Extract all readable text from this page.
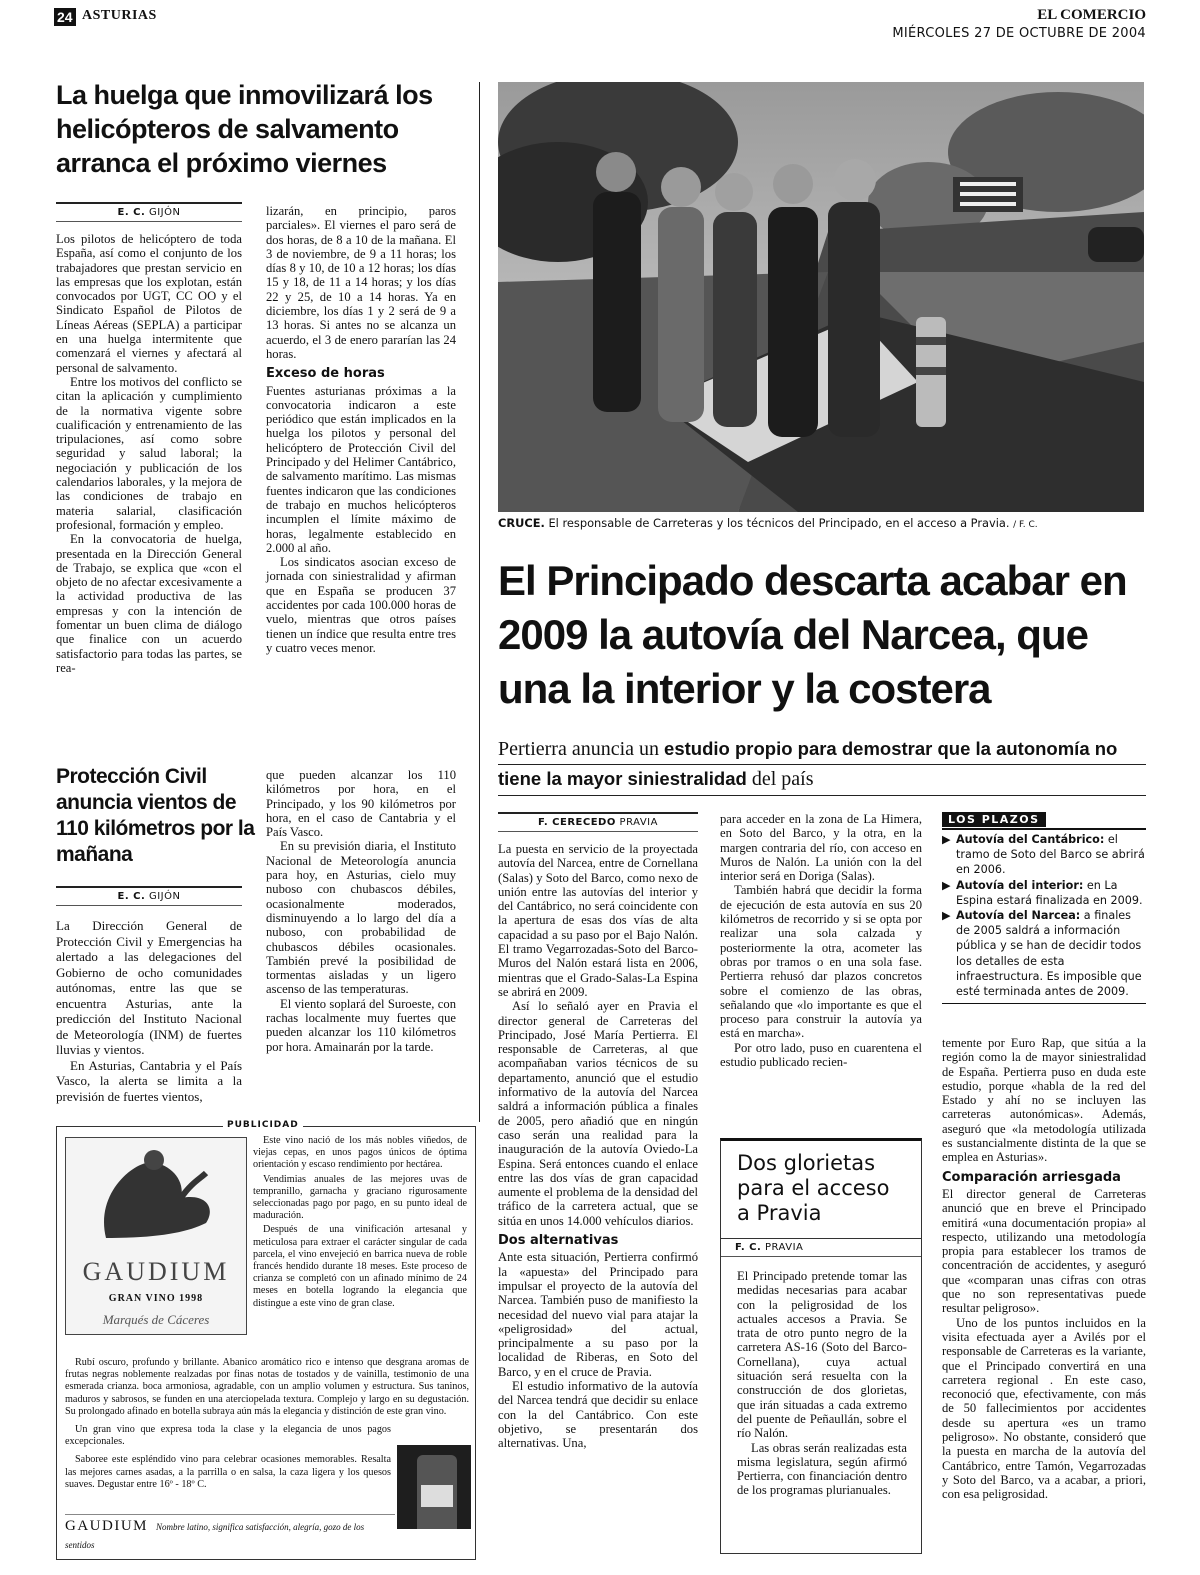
24 ASTURIAS	EL COMERCIO
MIÉRCOLES 27 DE OCTUBRE DE 2004
La huelga que inmovilizará los helicópteros de salvamento arranca el próximo viernes
E. C. GIJÓN

Los pilotos de helicóptero de toda España, así como el conjunto de los trabajadores que prestan servicio en las empresas que los explotan, están convocados por UGT, CC OO y el Sindicato Español de Pilotos de Líneas Aéreas (SEPLA) a participar en una huelga intermitente que comenzará el viernes y afectará al personal de salvamento.

Entre los motivos del conflicto se citan la aplicación y cumplimiento de la normativa vigente sobre cualificación y entrenamiento de las tripulaciones, así como sobre seguridad y salud laboral; la negociación y publicación de los calendarios laborales, y la mejora de las condiciones de trabajo en materia salarial, clasificación profesional, formación y empleo.

En la convocatoria de huelga, presentada en la Dirección General de Trabajo, se explica que «con el objeto de no afectar excesivamente a la actividad productiva de las empresas y con la intención de fomentar un buen clima de diálogo que finalice con un acuerdo satisfactorio para todas las partes, se rea-

lizarán, en principio, paros parciales». El viernes el paro será de dos horas, de 8 a 10 de la mañana. El 3 de noviembre, de 9 a 11 horas; los días 8 y 10, de 10 a 12 horas; los días 15 y 18, de 11 a 14 horas; y los días 22 y 25, de 10 a 14 horas. Ya en diciembre, los días 1 y 2 será de 9 a 13 horas. Si antes no se alcanza un acuerdo, el 3 de enero pararían las 24 horas.

Exceso de horas

Fuentes asturianas próximas a la convocatoria indicaron a este periódico que están implicados en la huelga los pilotos y personal del helicóptero de Protección Civil del Principado y del Helimer Cantábrico, de salvamento marítimo. Las mismas fuentes indicaron que las condiciones de trabajo en muchos helicópteros incumplen el límite máximo de horas, legalmente establecido en 2.000 al año.

Los sindicatos asocian exceso de jornada con siniestralidad y afirman que en España se producen 37 accidentes por cada 100.000 horas de vuelo, mientras que otros países tienen un índice que resulta entre tres y cuatro veces menor.

Protección Civil anuncia vientos de 110 kilómetros por la mañana
E. C. GIJÓN

La Dirección General de Protección Civil y Emergencias ha alertado a las delegaciones del Gobierno de ocho comunidades autónomas, entre las que se encuentra Asturias, ante la predicción del Instituto Nacional de Meteorología (INM) de fuertes lluvias y vientos.

En Asturias, Cantabria y el País Vasco, la alerta se limita a la previsión de fuertes vientos,

que pueden alcanzar los 110 kilómetros por hora, en el Principado, y los 90 kilómetros por hora, en el caso de Cantabria y el País Vasco.

En su previsión diaria, el Instituto Nacional de Meteorología anuncia para hoy, en Asturias, cielo muy nuboso con chubascos débiles, ocasionalmente moderados, disminuyendo a lo largo del día a nuboso, con probabilidad de chubascos débiles ocasionales. También prevé la posibilidad de tormentas aisladas y un ligero ascenso de las temperaturas.

El viento soplará del Suroeste, con rachas localmente muy fuertes que pueden alcanzar los 110 kilómetros por hora. Amainarán por la tarde.

CRUCE. El responsable de Carreteras y los técnicos del Principado, en el acceso a Pravia. / F. C.
El Principado descarta acabar en 2009 la autovía del Narcea, que una la interior y la costera
Pertierra anuncia un estudio propio para demostrar que la autonomía no tiene la mayor siniestralidad del país
F. CERECEDO PRAVIA

La puesta en servicio de la proyectada autovía del Narcea, entre de Cornellana (Salas) y Soto del Barco, como nexo de unión entre las autovías del interior y del Cantábrico, no será coincidente con la apertura de esas dos vías de alta capacidad a su paso por el Bajo Nalón. El tramo Vegarrozadas-Soto del Barco-Muros del Nalón estará lista en 2006, mientras que el Grado-Salas-La Espina se abrirá en 2009.

Así lo señaló ayer en Pravia el director general de Carreteras del Principado, José María Pertierra. El responsable de Carreteras, al que acompañaban varios técnicos de su departamento, anunció que el estudio informativo de la autovía del Narcea saldrá a información pública a finales de 2005, pero añadió que en ningún caso serán una realidad para la inauguración de la autovía Oviedo-La Espina. Será entonces cuando el enlace entre las dos vías de gran capacidad aumente el problema de la densidad del tráfico de la carretera actual, que se sitúa en unos 14.000 vehículos diarios.

Dos alternativas

Ante esta situación, Pertierra confirmó la «apuesta» del Principado para impulsar el proyecto de la autovía del Narcea. También puso de manifiesto la necesidad del nuevo vial para atajar la «peligrosidad» del actual, principalmente a su paso por la localidad de Riberas, en Soto del Barco, y en el cruce de Pravia.

El estudio informativo de la autovía del Narcea tendrá que decidir su enlace con la del Cantábrico. Con este objetivo, se presentarán dos alternativas. Una,

para acceder en la zona de La Himera, en Soto del Barco, y la otra, en la margen contraria del río, con acceso en Muros de Nalón. La unión con la del interior será en Doriga (Salas).

También habrá que decidir la forma de ejecución de esta autovía en sus 20 kilómetros de recorrido y si se opta por realizar una sola calzada y posteriormente la otra, acometer las obras por tramos o en una sola fase. Pertierra rehusó dar plazos concretos sobre el comienzo de las obras, señalando que «lo importante es que el proceso para construir la autovía ya está en marcha».

Por otro lado, puso en cuarentena el estudio publicado recien-

LOS PLAZOS
▶ Autovía del Cantábrico: el tramo de Soto del Barco se abrirá en 2006.
▶ Autovía del interior: en La Espina estará finalizada en 2009.
▶ Autovía del Narcea: a finales de 2005 saldrá a información pública y se han de decidir todos los detalles de esta infraestructura. Es imposible que esté terminada antes de 2009.

temente por Euro Rap, que sitúa a la región como la de mayor siniestralidad de España. Pertierra puso en duda este estudio, porque «habla de la red del Estado y ahí no se incluyen las carreteras autonómicas». Además, aseguró que «la metodología utilizada es sustancialmente distinta de la que se emplea en Asturias».

Comparación arriesgada

El director general de Carreteras anunció que en breve el Principado emitirá «una documentación propia» al respecto, utilizando una metodología propia para establecer los tramos de concentración de accidentes, y aseguró que «comparan unas cifras con otras que no son representativas puede resultar peligroso».

Uno de los puntos incluidos en la visita efectuada ayer a Avilés por el responsable de Carreteras es la variante, que el Principado convertirá en una carretera regional . En este caso, reconoció que, efectivamente, con más de 50 fallecimientos por accidentes desde su apertura «es un tramo peligroso». No obstante, consideró que la puesta en marcha de la autovía del Cantábrico, entre Tamón, Vegarrozadas y Soto del Barco, va a acabar, a priori, con esa peligrosidad.

Dos glorietas para el acceso a Pravia
F. C. PRAVIA

El Principado pretende tomar las medidas necesarias para acabar con la peligrosidad de los actuales accesos a Pravia. Se trata de otro punto negro de la carretera AS-16 (Soto del Barco-Cornellana), cuya actual situación será resuelta con la construcción de dos glorietas, que irán situadas a cada extremo del puente de Peñaullán, sobre el río Nalón.

Las obras serán realizadas esta misma legislatura, según afirmó Pertierra, con financiación dentro de los programas plurianuales.

PUBLICIDAD
GAUDIUM
GRAN VINO 1998
Marqués de Cáceres

Este vino nació de los más nobles viñedos, de viejas cepas, en unos pagos únicos de óptima orientación y escaso rendimiento por hectárea.

Vendimias anuales de las mejores uvas de tempranillo, garnacha y graciano rigurosamente seleccionadas pago por pago, en su punto ideal de maduración.

Después de una vinificación artesanal y meticulosa para extraer el carácter singular de cada parcela, el vino envejeció en barrica nueva de roble francés hendido durante 18 meses. Este proceso de crianza se completó con un afinado mínimo de 24 meses en botella logrando la elegancia que distingue a este vino de gran clase.

Rubí oscuro, profundo y brillante. Abanico aromático rico e intenso que desgrana aromas de frutas negras noblemente realzadas por finas notas de tostados y de vainilla, testimonio de una esmerada crianza. boca armoniosa, agradable, con un amplio volumen y estructura. Sus taninos, maduros y sabrosos, se funden en una aterciopelada textura. Complejo y largo en su degustación. Su prolongado afinado en botella subraya aún más la elegancia y distinción de este gran vino.

Un gran vino que expresa toda la clase y la elegancia de unos pagos excepcionales.

Saboree este espléndido vino para celebrar ocasiones memorables. Resalta las mejores carnes asadas, a la parrilla o en salsa, la caza ligera y los quesos suaves. Degustar entre 16º - 18º C.

GAUDIUM Nombre latino, significa satisfacción, alegría, gozo de los sentidos
